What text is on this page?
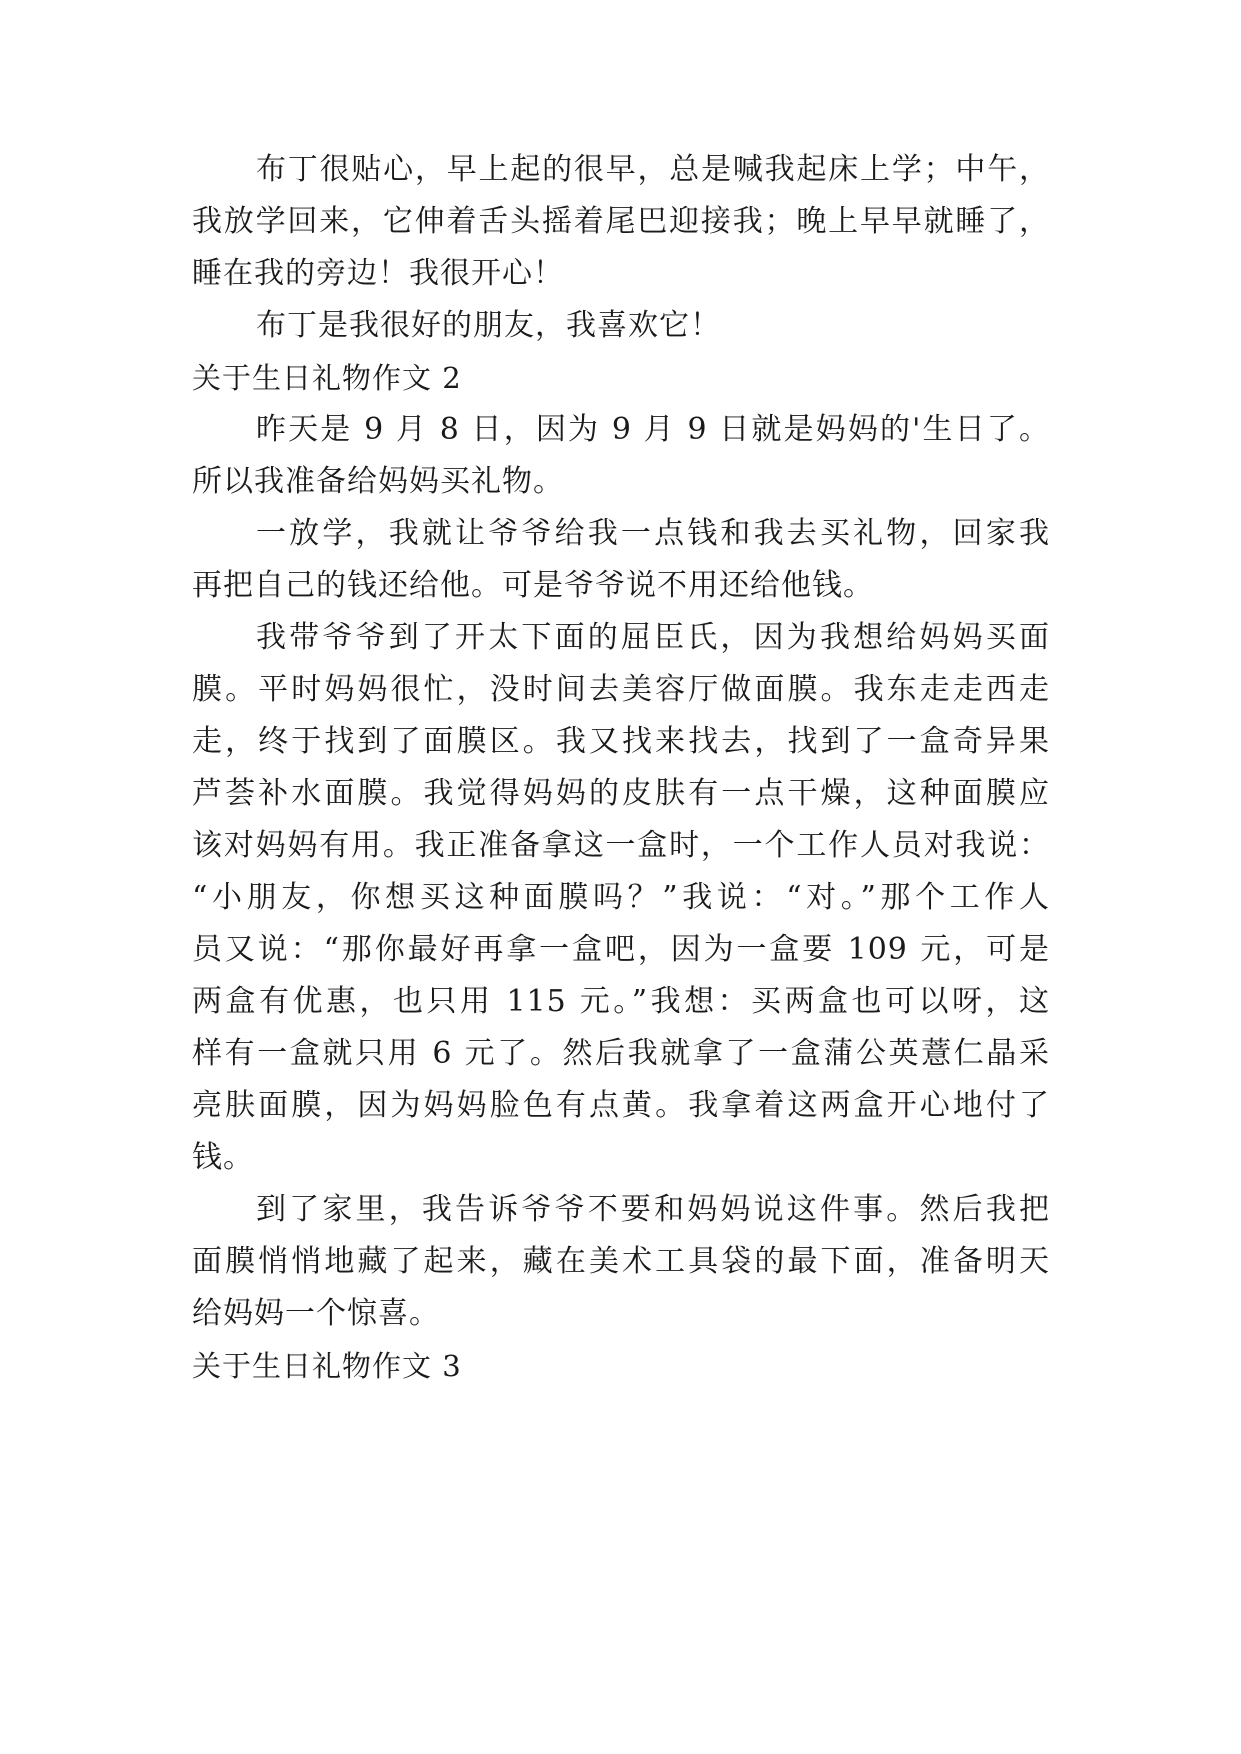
布丁很贴心，早上起的很早，总是喊我起床上学；中午，
我放学回来，它伸着舌头摇着尾巴迎接我；晚上早早就睡了，
睡在我的旁边！我很开心！
布丁是我很好的朋友，我喜欢它！
关于生日礼物作文 2
昨天是 9 月 8 日，因为 9 月 9 日就是妈妈的'生日了。
所以我准备给妈妈买礼物。
一放学，我就让爷爷给我一点钱和我去买礼物，回家我
再把自己的钱还给他。可是爷爷说不用还给他钱。
我带爷爷到了开太下面的屈臣氏，因为我想给妈妈买面
膜。平时妈妈很忙，没时间去美容厅做面膜。我东走走西走
走，终于找到了面膜区。我又找来找去，找到了一盒奇异果
芦荟补水面膜。我觉得妈妈的皮肤有一点干燥，这种面膜应
该对妈妈有用。我正准备拿这一盒时，一个工作人员对我说：
“小朋友，你想买这种面膜吗？”我说：“对。”那个工作人
员又说：“那你最好再拿一盒吧，因为一盒要 109 元，可是
两盒有优惠，也只用 115 元。”我想：买两盒也可以呀，这
样有一盒就只用 6 元了。然后我就拿了一盒蒲公英薏仁晶采
亮肤面膜，因为妈妈脸色有点黄。我拿着这两盒开心地付了
钱。
到了家里，我告诉爷爷不要和妈妈说这件事。然后我把
面膜悄悄地藏了起来，藏在美术工具袋的最下面，准备明天
给妈妈一个惊喜。
关于生日礼物作文 3
